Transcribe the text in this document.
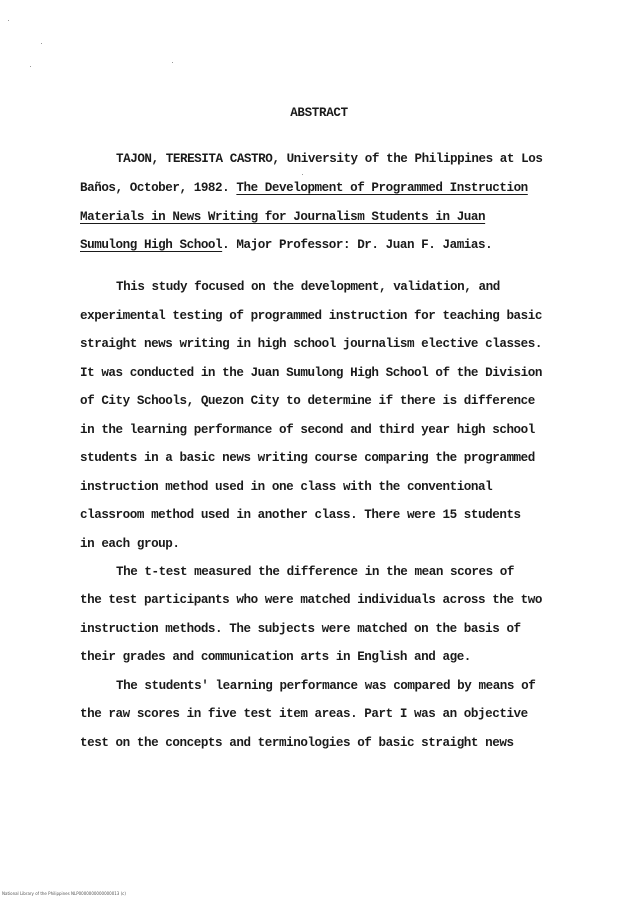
ABSTRACT
TAJON, TERESITA CASTRO, University of the Philippines at Los
Baños, October, 1982. The Development of Programmed Instruction
Materials in News Writing for Journalism Students in Juan
Sumulong High School. Major Professor: Dr. Juan F. Jamias.
This study focused on the development, validation, and
experimental testing of programmed instruction for teaching basic
straight news writing in high school journalism elective classes.
It was conducted in the Juan Sumulong High School of the Division
of City Schools, Quezon City to determine if there is difference
in the learning performance of second and third year high school
students in a basic news writing course comparing the programmed
instruction method used in one class with the conventional
classroom method used in another class. There were 15 students
in each group.
The t-test measured the difference in the mean scores of
the test participants who were matched individuals across the two
instruction methods. The subjects were matched on the basis of
their grades and communication arts in English and age.
The students' learning performance was compared by means of
the raw scores in five test item areas. Part I was an objective
test on the concepts and terminologies of basic straight news
National Library of the Philippines NLP0000000000000013 (c)
